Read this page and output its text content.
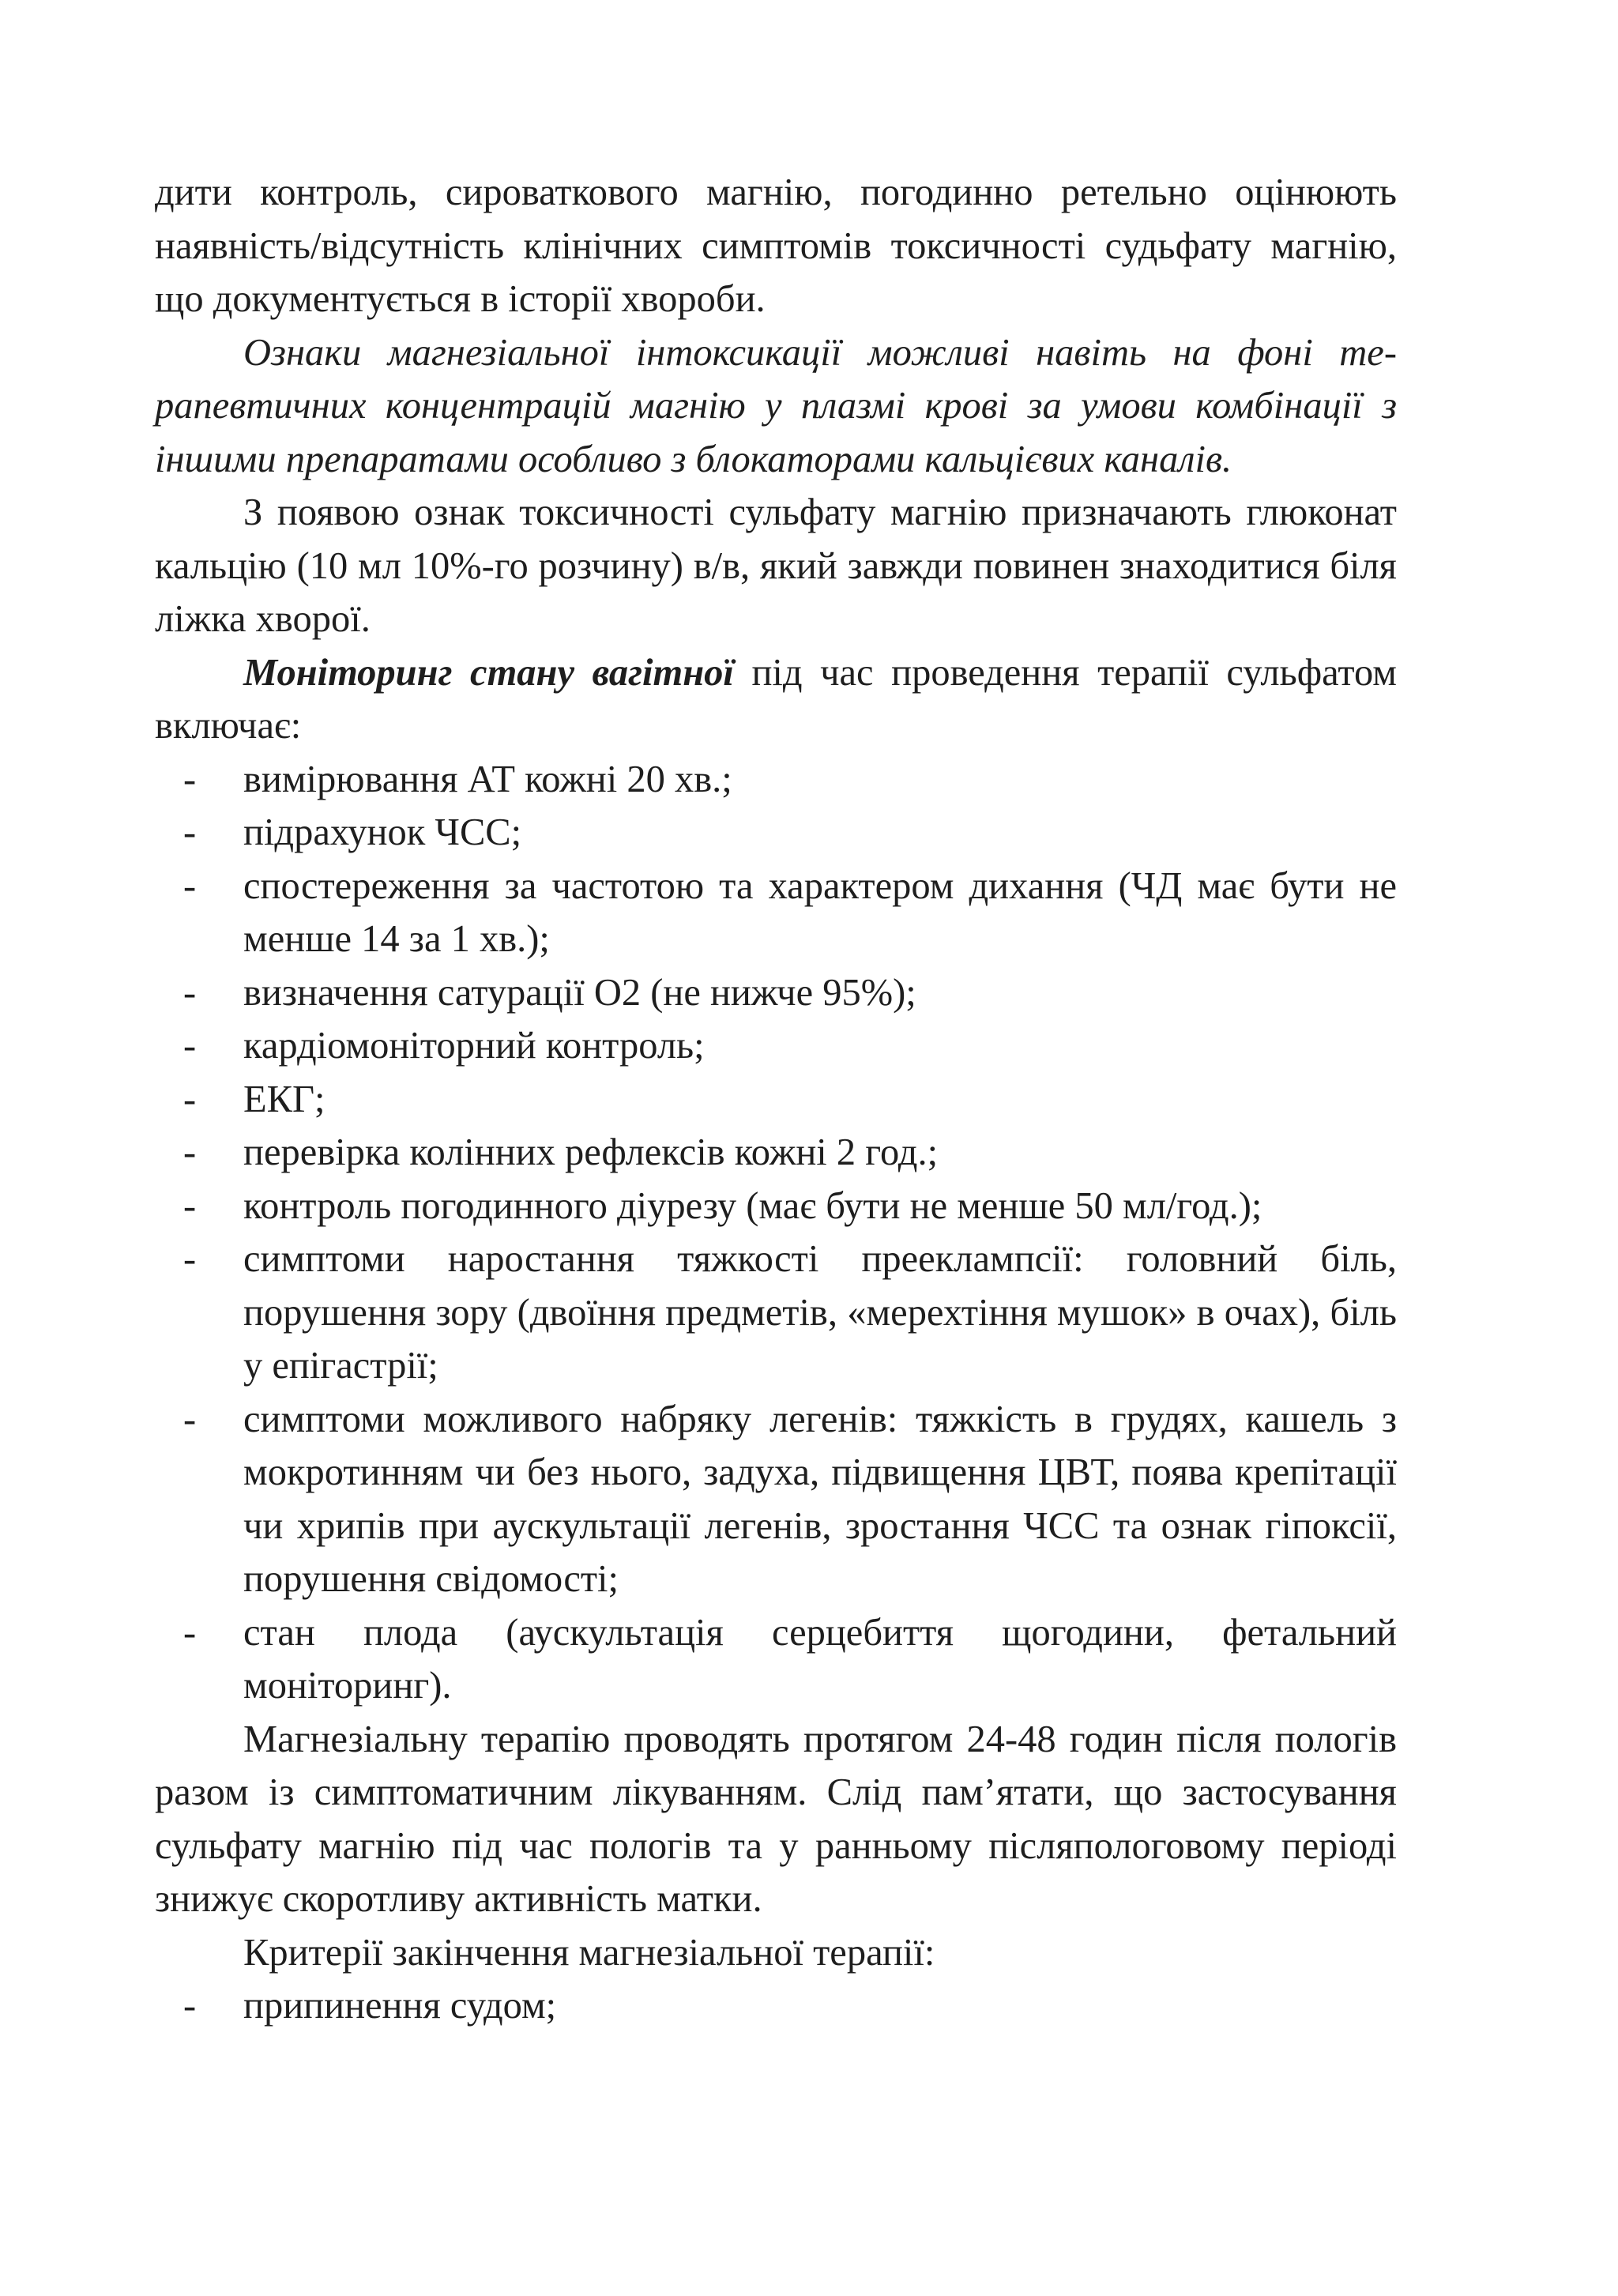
дити контроль, сироваткового магнію, погодинно ретельно оцінюють наявність/відсутність клінічних симптомів токсичності судьфату магнію, що документується в історії хвороби.

Ознаки магнезіальної інтоксикації можливі навіть на фоні терапевтичних концентрацій магнію у плазмі крові за умови комбінації з іншими препаратами особливо з блокаторами кальцієвих каналів.

З появою ознак токсичності сульфату магнію призначають глюконат кальцію (10 мл 10%-го розчину) в/в, який завжди повинен знаходитися біля ліжка хворої.

Моніторинг стану вагітної під час проведення терапії сульфатом включає:

- вимірювання АТ кожні 20 хв.;
- підрахунок ЧСС;
- спостереження за частотою та характером дихання (ЧД має бути не менше 14 за 1 хв.);
- визначення сатурації О2 (не нижче 95%);
- кардіомоніторний контроль;
- ЕКГ;
- перевірка колінних рефлексів кожні 2 год.;
- контроль погодинного діурезу (має бути не менше 50 мл/год.);
- симптоми наростання тяжкості прееклампсії: головний біль, порушення зору (двоїння предметів, «мерехтіння мушок» в очах), біль у епігастрії;
- симптоми можливого набряку легенів: тяжкість в грудях, кашель з мокротинням чи без нього, задуха, підвищення ЦВТ, поява крепітації чи хрипів при аускультації легенів, зростання ЧСС та ознак гіпоксії, порушення свідомості;
- стан плода (аускультація серцебиття щогодини, фетальний моніторинг).

Магнезіальну терапію проводять протягом 24-48 годин після пологів разом із симптоматичним лікуванням. Слід пам’ятати, що застосування сульфату магнію під час пологів та у ранньому післяпологовому періоді знижує скоротливу активність матки.

Критерії закінчення магнезіальної терапії:

- припинення судом;
